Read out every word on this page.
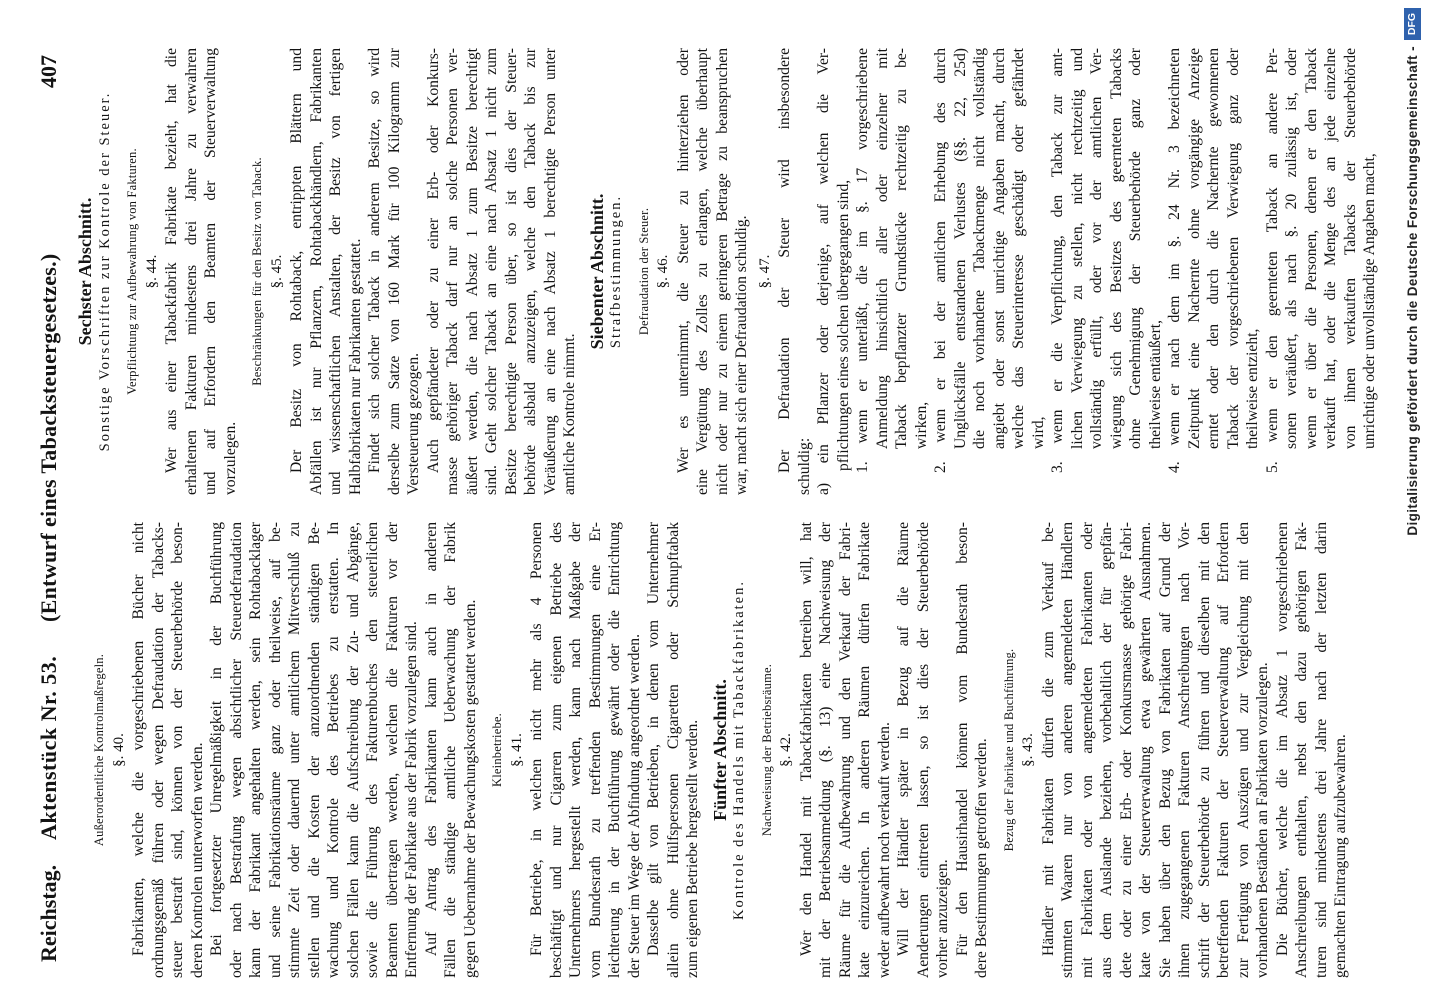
Reichstag.
Aktenstück Nr. 53.
(Entwurf eines Tabacksteuergesetzes.)
407
Außerordentliche Kontrolmaßregeln. §. 40. Fabrikanten, welche die vorgeschriebenen Bücher nicht ordnungsgemäß führen oder wegen Defraudation der Tabacks- steuer bestraft sind, können von der Steuerbehörde beson- deren Kontrolen unterworfen werden. Bei fortgesetzter Unregelmäßigkeit in der Buchführung oder nach Bestrafung wegen absichtlicher Steuerdefraudation kann der Fabrikant angehalten werden, sein Rohtabacklager und seine Fabrikationsräume ganz oder theilweise, auf be- stimmte Zeit oder dauernd unter amtlichem Mitverschluß zu stellen und die Kosten der anzuordnenden ständigen Be- wachung und Kontrole des Betriebes zu erstatten. In solchen Fällen kann die Aufschreibung der Zu- und Abgänge, sowie die Führung des Fakturenbuches den steuerlichen Beamten übertragen werden, welchen die Fakturen vor der Entfernung der Fabrikate aus der Fabrik vorzulegen sind. Auf Antrag des Fabrikanten kann auch in anderen Fällen die ständige amtliche Ueberwachung der Fabrik gegen Uebernahme der Bewachungskosten gestattet werden. Kleinbetriebe. §. 41. Für Betriebe, in welchen nicht mehr als 4 Personen beschäftigt und nur Cigarren zum eigenen Betriebe des Unternehmers hergestellt werden, kann nach Maßgabe der vom Bundesrath zu treffenden Bestimmungen eine Er- leichterung in der Buchführung gewährt oder die Entrichtung der Steuer im Wege der Abfindung angeordnet werden. Dasselbe gilt von Betrieben, in denen vom Unternehmer allein ohne Hülfspersonen Cigaretten oder Schnupftabak zum eigenen Betriebe hergestellt werden. Fünfter Abschnitt. Kontrole des Handels mit Tabackfabrikaten. Nachweisung der Betriebsräume. §. 42. Wer den Handel mit Tabackfabrikaten betreiben will, hat mit der Betriebsanmeldung (§. 13) eine Nachweisung der Räume für die Aufbewahrung und den Verkauf der Fabri- kate einzureichen. In anderen Räumen dürfen Fabrikate weder aufbewahrt noch verkauft werden. Will der Händler später in Bezug auf die Räume Aenderungen eintreten lassen, so ist dies der Steuerbehörde vorher anzuzeigen. Für den Hausirhandel können vom Bundesrath beson- dere Bestimmungen getroffen werden. Bezug der Fabrikate und Buchführung. §. 43. Händler mit Fabrikaten dürfen die zum Verkauf be- stimmten Waaren nur von anderen angemeldeten Händlern mit Fabrikaten oder von angemeldeten Fabrikanten oder aus dem Auslande beziehen, vorbehaltlich der für gepfän- dete oder zu einer Erb- oder Konkursmasse gehörige Fabri- kate von der Steuerverwaltung etwa gewährten Ausnahmen. Sie haben über den Bezug von Fabrikaten auf Grund der ihnen zugegangenen Fakturen Anschreibungen nach Vor- schrift der Steuerbehörde zu führen und dieselben mit den betreffenden Fakturen der Steuerverwaltung auf Erfordern zur Fertigung von Auszügen und zur Vergleichung mit den vorhandenen Beständen an Fabrikaten vorzulegen. Die Bücher, welche die im Absatz 1 vorgeschriebenen Anschreibungen enthalten, nebst den dazu gehörigen Fak- turen sind mindestens drei Jahre nach der letzten darin gemachten Eintragung aufzubewahren.
Sechster Abschnitt. Sonstige Vorschriften zur Kontrole der Steuer. Verpflichtung zur Aufbewahrung von Fakturen. §. 44. Wer aus einer Tabackfabrik Fabrikate bezieht, hat die erhaltenen Fakturen mindestens drei Jahre zu verwahren und auf Erfordern den Beamten der Steuerverwaltung vorzulegen.
Beschränkungen für den Besitz von Taback. §. 45. Der Besitz von Rohtaback, entrippten Blättern und Abfällen ist nur Pflanzern, Rohtabackhändlern, Fabrikanten und wissenschaftlichen Anstalten, der Besitz von fertigen Halbfabrikaten nur Fabrikanten gestattet. Findet sich solcher Taback in anderem Besitze, so wird derselbe zum Satze von 160 Mark für 100 Kilogramm zur Versteuerung gezogen. Auch gepfändeter oder zu einer Erb- oder Konkurs- masse gehöriger Taback darf nur an solche Personen ver- äußert werden, die nach Absatz 1 zum Besitze berechtigt sind. Geht solcher Taback an eine nach Absatz 1 nicht zum Besitze berechtigte Person über, so ist dies der Steuer- behörde alsbald anzuzeigen, welche den Taback bis zur Veräußerung an eine nach Absatz 1 berechtigte Person unter amtliche Kontrole nimmt.
Siebenter Abschnitt. Strafbestimmungen. Defraudation der Steuer. §. 46. Wer es unternimmt, die Steuer zu hinterziehen oder eine Vergütung des Zolles zu erlangen, welche überhaupt nicht oder nur zu einem geringeren Betrage zu beanspruchen war, macht sich einer Defraudation schuldig. §. 47. Der Defraudation der Steuer wird insbesondere schuldig: a) ein Pflanzer oder derjenige, auf welchen die Ver- pflichtungen eines solchen übergegangen sind, 1. wenn er unterläßt, die im §. 17 vorgeschriebene Anmeldung hinsichtlich aller oder einzelner mit Taback bepflanzter Grundstücke rechtzeitig zu be- wirken, 2. wenn er bei der amtlichen Erhebung des durch Unglücksfälle entstandenen Verlustes (§§. 22, 25d) die noch vorhandene Tabackmenge nicht vollständig angiebt oder sonst unrichtige Angaben macht, durch welche das Steuerinteresse geschädigt oder gefährdet wird, 3. wenn er die Verpflichtung, den Taback zur amt- lichen Verwiegung zu stellen, nicht rechtzeitig und vollständig erfüllt, oder vor der amtlichen Ver- wiegung sich des Besitzes des geernteten Tabacks ohne Genehmigung der Steuerbehörde ganz oder theilweise entäußert, 4. wenn er nach dem im §. 24 Nr. 3 bezeichneten Zeitpunkt eine Nachernte ohne vorgängige Anzeige erntet oder den durch die Nachernte gewonnenen Taback der vorgeschriebenen Verwiegung ganz oder theilweise entzieht, 5. wenn er den geernteten Taback an andere Per- sonen veräußert, als nach §. 20 zulässig ist, oder wenn er über die Personen, denen er den Taback verkauft hat, oder die Menge des an jede einzelne von ihnen verkauften Tabacks der Steuerbehörde unrichtige oder unvollständige Angaben macht, Digitalisierung gefördert durch die Deutsche Forschungsgemeinschaft -
DFG
